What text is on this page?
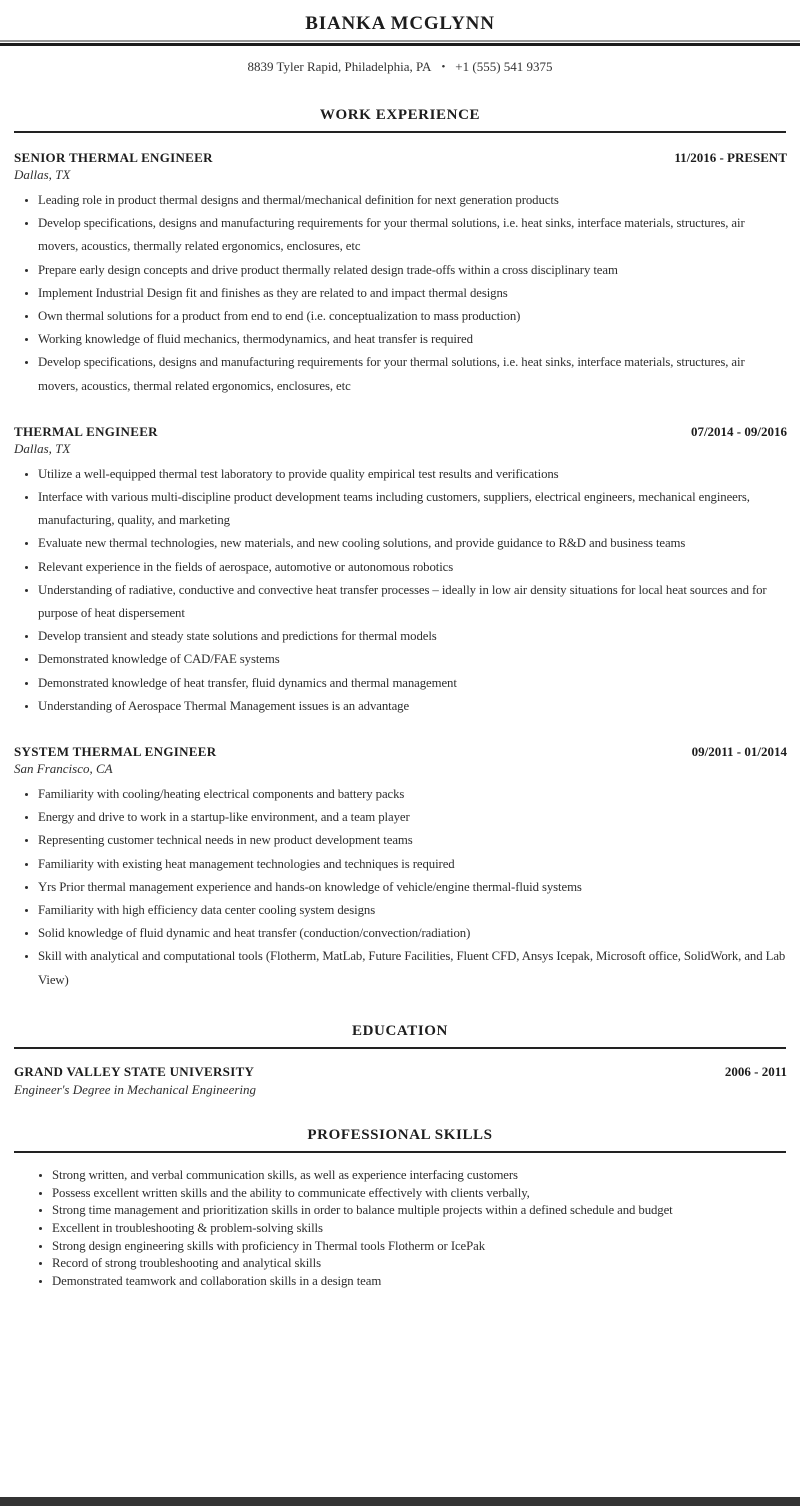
BIANKA MCGLYNN
8839 Tyler Rapid, Philadelphia, PA • +1 (555) 541 9375
WORK EXPERIENCE
SENIOR THERMAL ENGINEER	11/2016 - PRESENT
Dallas, TX
• Leading role in product thermal designs and thermal/mechanical definition for next generation products
• Develop specifications, designs and manufacturing requirements for your thermal solutions, i.e. heat sinks, interface materials, structures, air movers, acoustics, thermally related ergonomics, enclosures, etc
• Prepare early design concepts and drive product thermally related design trade-offs within a cross disciplinary team
• Implement Industrial Design fit and finishes as they are related to and impact thermal designs
• Own thermal solutions for a product from end to end (i.e. conceptualization to mass production)
• Working knowledge of fluid mechanics, thermodynamics, and heat transfer is required
• Develop specifications, designs and manufacturing requirements for your thermal solutions, i.e. heat sinks, interface materials, structures, air movers, acoustics, thermal related ergonomics, enclosures, etc
THERMAL ENGINEER	07/2014 - 09/2016
Dallas, TX
• Utilize a well-equipped thermal test laboratory to provide quality empirical test results and verifications
• Interface with various multi-discipline product development teams including customers, suppliers, electrical engineers, mechanical engineers, manufacturing, quality, and marketing
• Evaluate new thermal technologies, new materials, and new cooling solutions, and provide guidance to R&D and business teams
• Relevant experience in the fields of aerospace, automotive or autonomous robotics
• Understanding of radiative, conductive and convective heat transfer processes – ideally in low air density situations for local heat sources and for purpose of heat dispersement
• Develop transient and steady state solutions and predictions for thermal models
• Demonstrated knowledge of CAD/FAE systems
• Demonstrated knowledge of heat transfer, fluid dynamics and thermal management
• Understanding of Aerospace Thermal Management issues is an advantage
SYSTEM THERMAL ENGINEER	09/2011 - 01/2014
San Francisco, CA
• Familiarity with cooling/heating electrical components and battery packs
• Energy and drive to work in a startup-like environment, and a team player
• Representing customer technical needs in new product development teams
• Familiarity with existing heat management technologies and techniques is required
• Yrs Prior thermal management experience and hands-on knowledge of vehicle/engine thermal-fluid systems
• Familiarity with high efficiency data center cooling system designs
• Solid knowledge of fluid dynamic and heat transfer (conduction/convection/radiation)
• Skill with analytical and computational tools (Flotherm, MatLab, Future Facilities, Fluent CFD, Ansys Icepak, Microsoft office, SolidWork, and Lab View)
EDUCATION
GRAND VALLEY STATE UNIVERSITY	2006 - 2011
Engineer's Degree in Mechanical Engineering
PROFESSIONAL SKILLS
• Strong written, and verbal communication skills, as well as experience interfacing customers
• Possess excellent written skills and the ability to communicate effectively with clients verbally,
• Strong time management and prioritization skills in order to balance multiple projects within a defined schedule and budget
• Excellent in troubleshooting & problem-solving skills
• Strong design engineering skills with proficiency in Thermal tools Flotherm or IcePak
• Record of strong troubleshooting and analytical skills
• Demonstrated teamwork and collaboration skills in a design team
